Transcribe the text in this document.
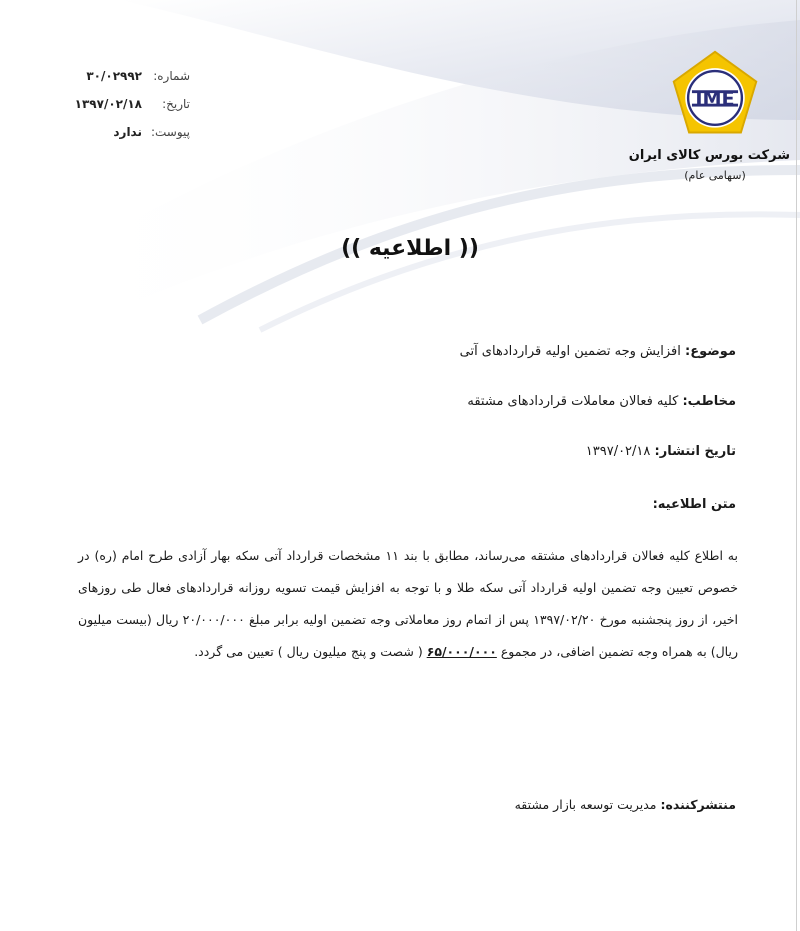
شماره:
۳۰/۰۲۹۹۲
تاریخ:
۱۳۹۷/۰۲/۱۸
پیوست:
ندارد
IME
شرکت بورس کالای ایران
(سهامی عام)
(( اطلاعیه ))
موضوع: افزایش وجه تضمین اولیه قراردادهای آتی
مخاطب: کلیه فعالان معاملات قراردادهای مشتقه
تاریخ انتشار: ۱۳۹۷/۰۲/۱۸
متن اطلاعیه:
به اطلاع کلیه فعالان قراردادهای مشتقه می‌رساند، مطابق با بند ۱۱ مشخصات قرارداد آتی سکه بهار آزادی طرح امام (ره) در خصوص تعیین وجه تضمین اولیه قرارداد آتی سکه طلا و با توجه به افزایش قیمت تسویه روزانه قراردادهای فعال طی روزهای اخیر، از روز پنجشنبه مورخ ۱۳۹۷/۰۲/۲۰ پس از اتمام روز معاملاتی وجه تضمین اولیه برابر مبلغ ۲۰/۰۰۰/۰۰۰ ریال (بیست میلیون ریال) به همراه وجه تضمین اضافی، در مجموع ۶۵/۰۰۰/۰۰۰ ( شصت و پنج میلیون ریال ) تعیین می گردد.
منتشرکننده: مدیریت توسعه بازار مشتقه
